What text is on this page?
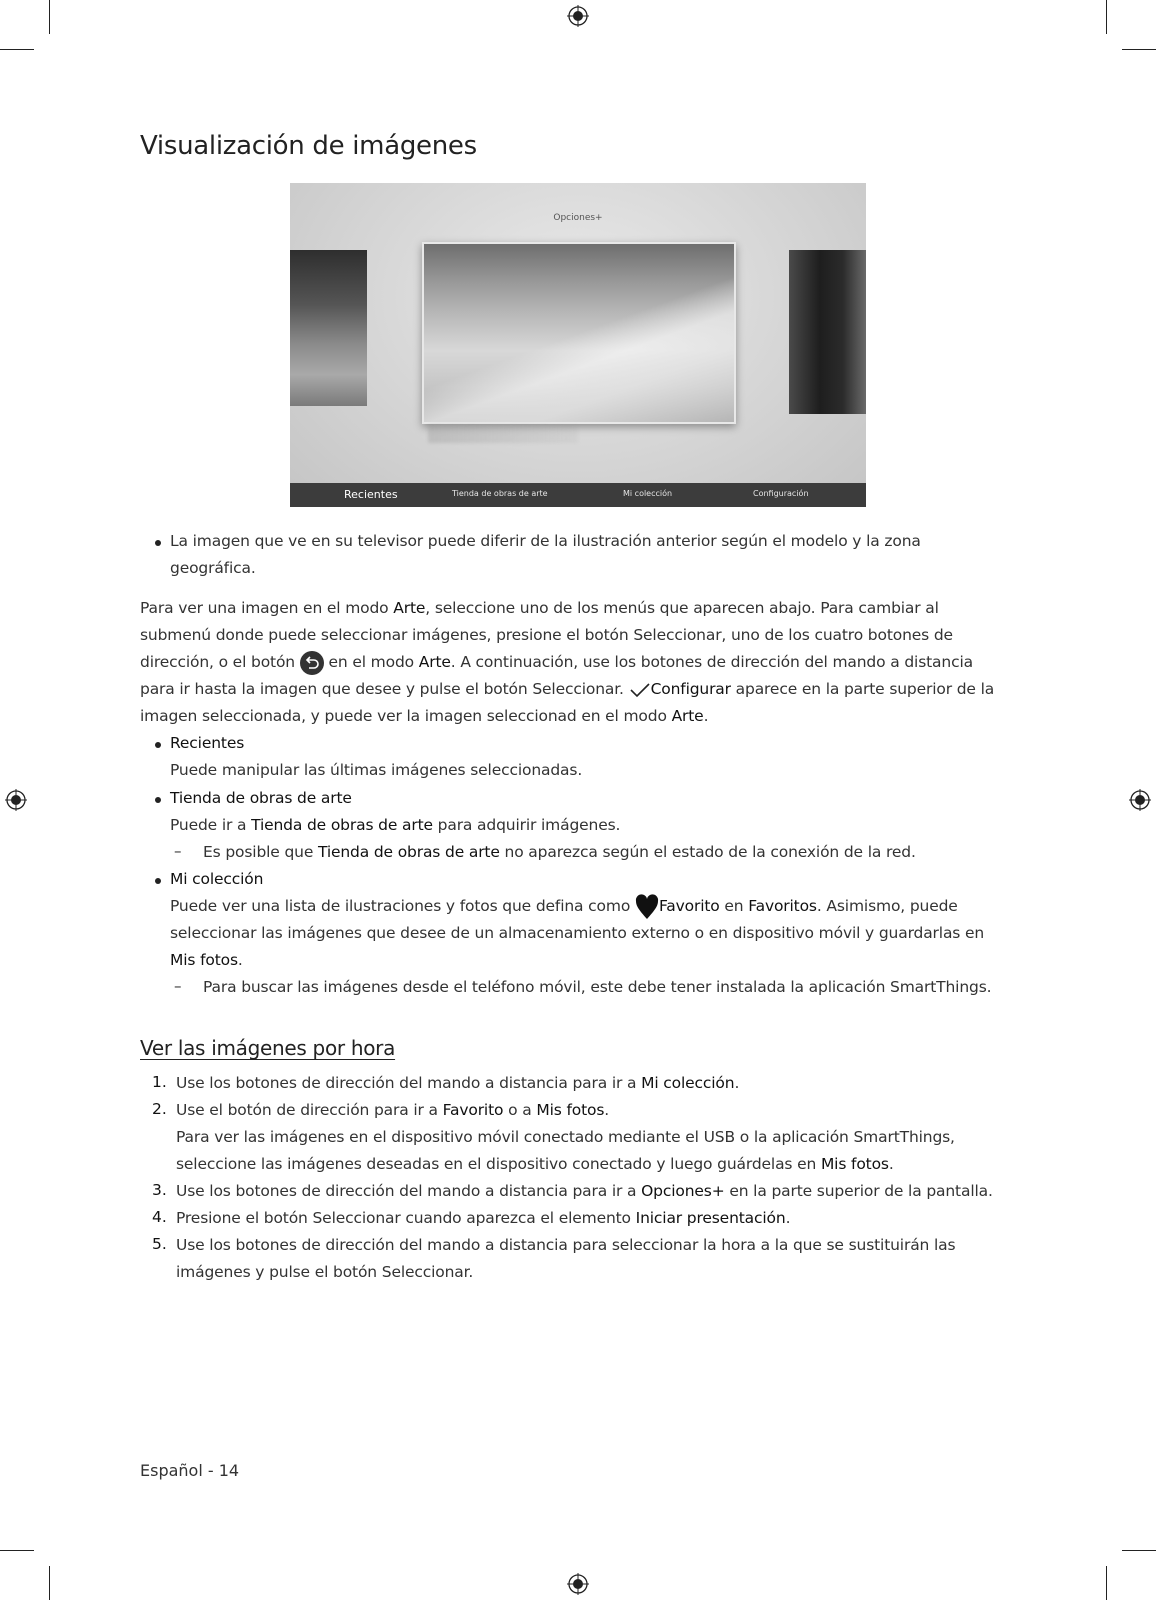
Visualización de imágenes
Opciones+
Recientes	Tienda de obras de arte	Mi colección	Configuración

La imagen que ve en su televisor puede diferir de la ilustración anterior según el modelo y la zona

geográfica.

Para ver una imagen en el modo Arte, seleccione uno de los menús que aparecen abajo. Para cambiar al

submenú donde puede seleccionar imágenes, presione el botón Seleccionar, uno de los cuatro botones de

dirección, o el botón  en el modo Arte. A continuación, use los botones de dirección del mando a distancia

para ir hasta la imagen que desee y pulse el botón Seleccionar. Configurar aparece en la parte superior de la

imagen seleccionada, y puede ver la imagen seleccionad en el modo Arte.

Recientes

Puede manipular las últimas imágenes seleccionadas.

Tienda de obras de arte

Puede ir a Tienda de obras de arte para adquirir imágenes.

– Es posible que Tienda de obras de arte no aparezca según el estado de la conexión de la red.

Mi colección

Puede ver una lista de ilustraciones y fotos que defina como Favorito en Favoritos. Asimismo, puede

seleccionar las imágenes que desee de un almacenamiento externo o en dispositivo móvil y guardarlas en

Mis fotos.

– Para buscar las imágenes desde el teléfono móvil, este debe tener instalada la aplicación SmartThings.

Ver las imágenes por hora
1. Use los botones de dirección del mando a distancia para ir a Mi colección.

2. Use el botón de dirección para ir a Favorito o a Mis fotos.

Para ver las imágenes en el dispositivo móvil conectado mediante el USB o la aplicación SmartThings,

seleccione las imágenes deseadas en el dispositivo conectado y luego guárdelas en Mis fotos.

3. Use los botones de dirección del mando a distancia para ir a Opciones+ en la parte superior de la pantalla.

4. Presione el botón Seleccionar cuando aparezca el elemento Iniciar presentación.

5. Use los botones de dirección del mando a distancia para seleccionar la hora a la que se sustituirán las

imágenes y pulse el botón Seleccionar.

Español - 14
